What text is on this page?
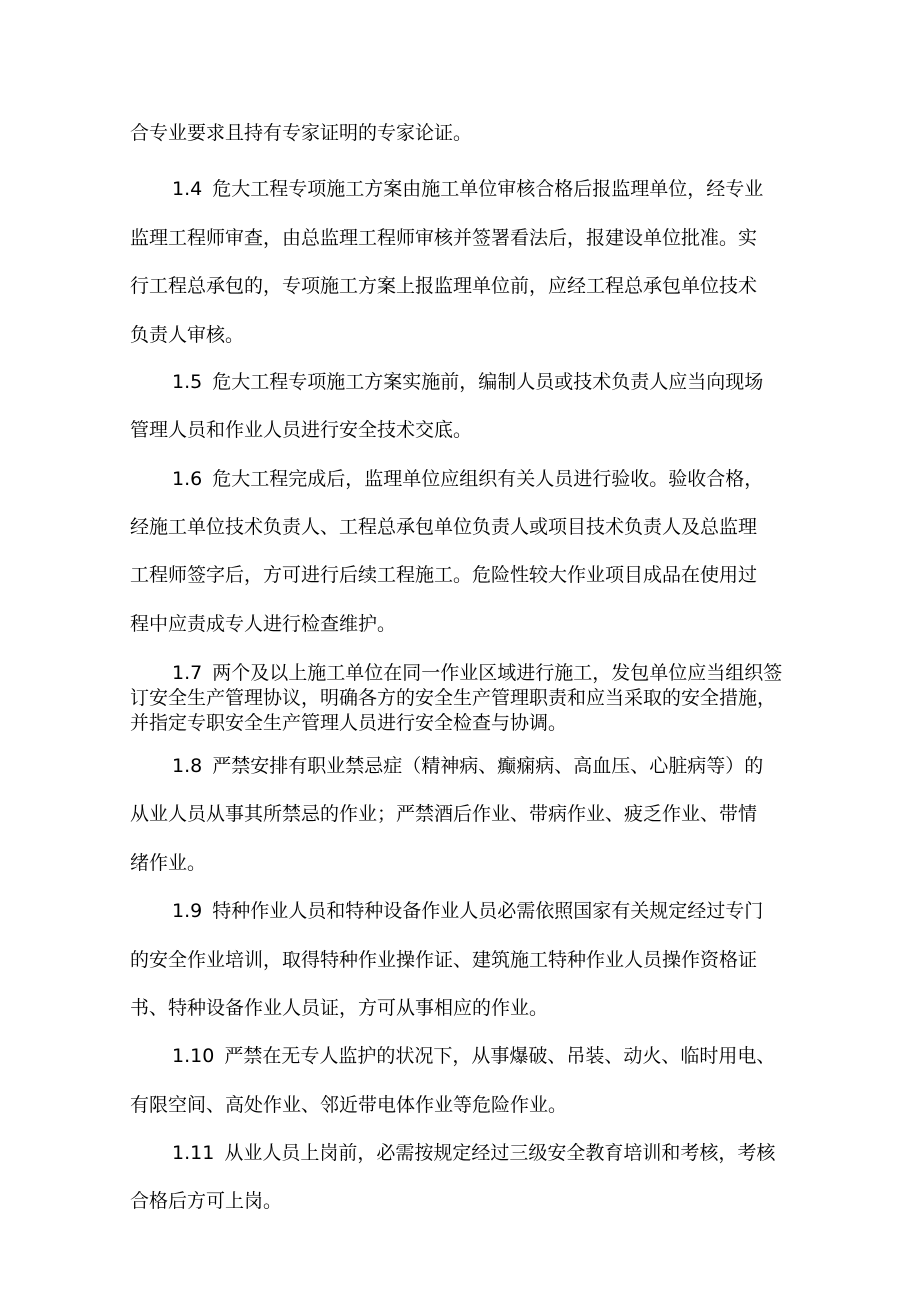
合专业要求且持有专家证明的专家论证。
1.4 危大工程专项施工方案由施工单位审核合格后报监理单位，经专业
监理工程师审查，由总监理工程师审核并签署看法后，报建设单位批准。实
行工程总承包的，专项施工方案上报监理单位前，应经工程总承包单位技术
负责人审核。
1.5 危大工程专项施工方案实施前，编制人员或技术负责人应当向现场
管理人员和作业人员进行安全技术交底。
1.6 危大工程完成后，监理单位应组织有关人员进行验收。验收合格，
经施工单位技术负责人、工程总承包单位负责人或项目技术负责人及总监理
工程师签字后，方可进行后续工程施工。危险性较大作业项目成品在使用过
程中应责成专人进行检查维护。
1.7 两个及以上施工单位在同一作业区域进行施工，发包单位应当组织签
订安全生产管理协议，明确各方的安全生产管理职责和应当采取的安全措施，
并指定专职安全生产管理人员进行安全检查与协调。
1.8 严禁安排有职业禁忌症（精神病、癫痫病、高血压、心脏病等）的
从业人员从事其所禁忌的作业；严禁酒后作业、带病作业、疲乏作业、带情
绪作业。
1.9 特种作业人员和特种设备作业人员必需依照国家有关规定经过专门
的安全作业培训，取得特种作业操作证、建筑施工特种作业人员操作资格证
书、特种设备作业人员证，方可从事相应的作业。
1.10 严禁在无专人监护的状况下，从事爆破、吊装、动火、临时用电、
有限空间、高处作业、邻近带电体作业等危险作业。
1.11 从业人员上岗前，必需按规定经过三级安全教育培训和考核，考核
合格后方可上岗。
